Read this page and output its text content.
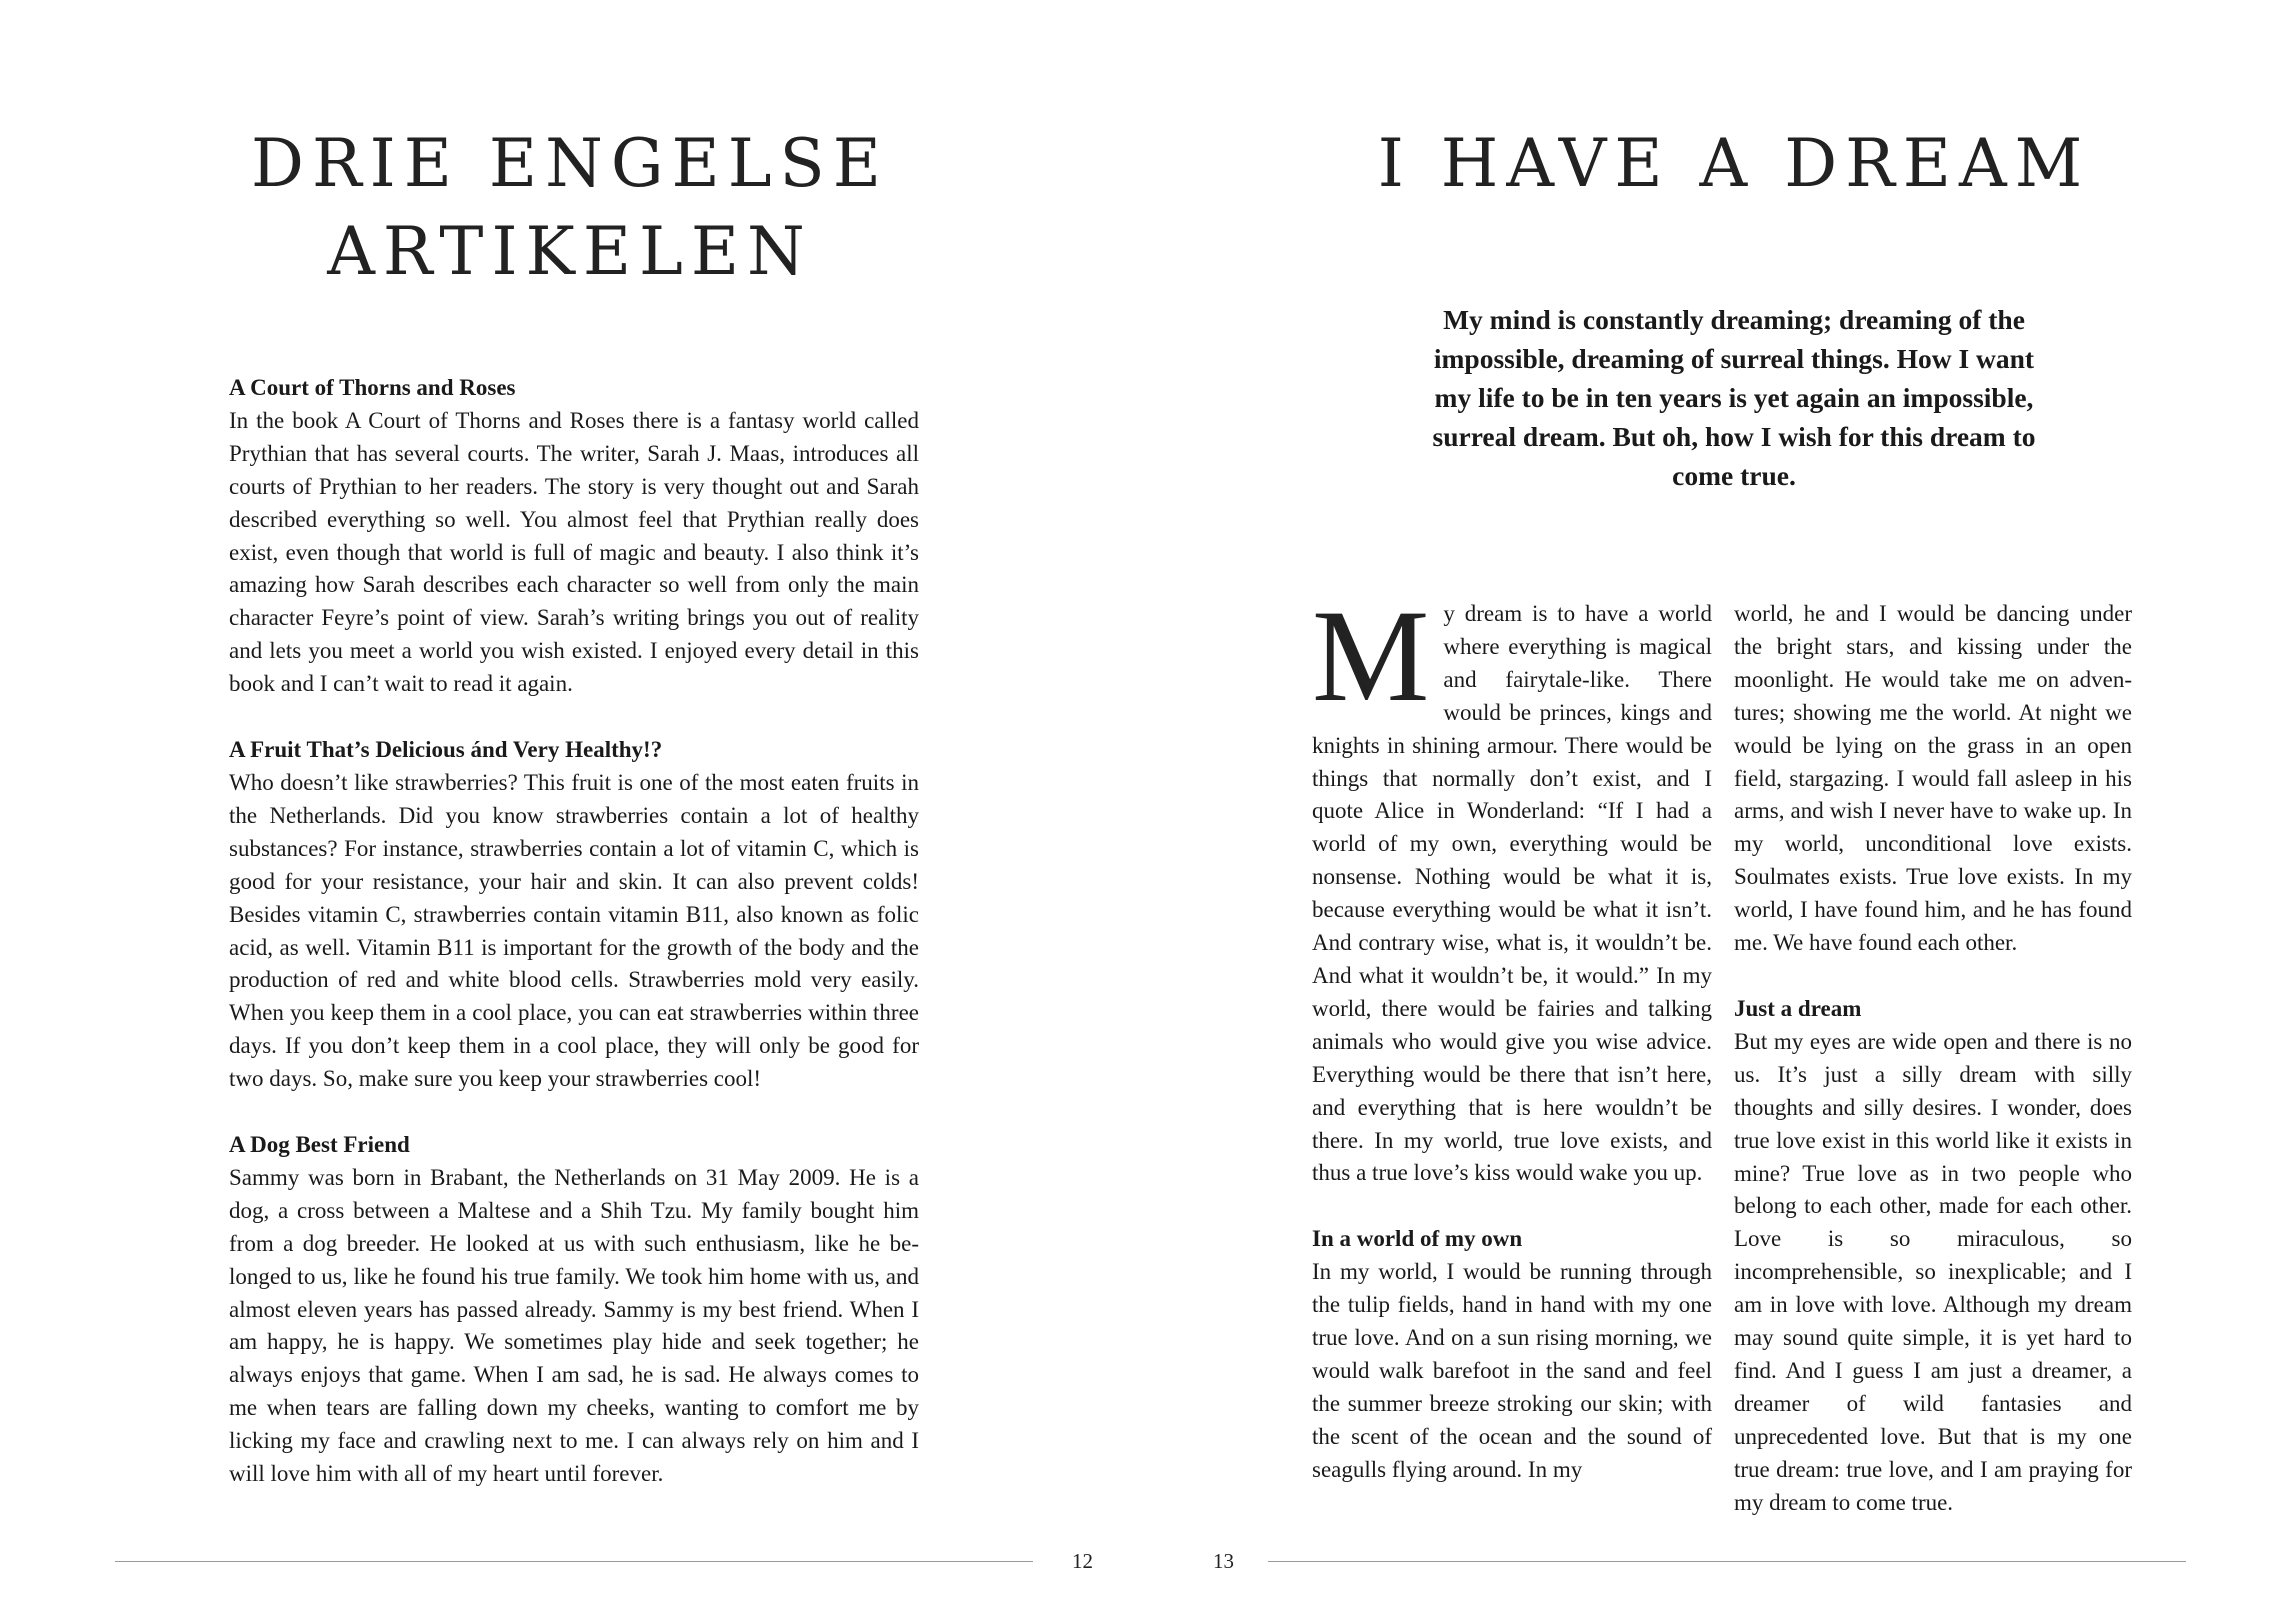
DRIE ENGELSE
ARTIKELEN
A Court of Thorns and Roses

In the book A Court of Thorns and Roses there is a fantasy world called Prythian that has several courts. The writer, Sarah J. Maas, introduces all courts of Prythian to her readers. The story is very thought out and Sarah described everything so well. You almost feel that Prythian really does exist, even though that world is full of magic and beauty. I also think it’s amazing how Sarah describes each character so well from only the main character Feyre’s point of view. Sarah’s writing brings you out of reality and lets you meet a world you wish existed. I enjoyed every detail in this book and I can’t wait to read it again.

A Fruit That’s Delicious ánd Very Healthy!?

Who doesn’t like strawberries? This fruit is one of the most eaten fruits in the Netherlands. Did you know strawberries contain a lot of healthy substances? For instance, strawberries contain a lot of vitamin C, which is good for your resistance, your hair and skin. It can also prevent colds! Besides vitamin C, strawberries contain vitamin B11, also known as folic acid, as well. Vitamin B11 is important for the growth of the body and the production of red and white blood cells. Strawberries mold very easily. When you keep them in a cool place, you can eat strawberries within three days. If you don’t keep them in a cool place, they will only be good for two days. So, make sure you keep your strawberries cool!

A Dog Best Friend

Sammy was born in Brabant, the Netherlands on 31 May 2009. He is a dog, a cross between a Maltese and a Shih Tzu. My family bought him from a dog breeder. He looked at us with such enthusiasm, like he belonged to us, like he found his true family. We took him home with us, and almost eleven years has passed already. Sammy is my best friend. When I am happy, he is happy. We sometimes play hide and seek together; he always enjoys that game. When I am sad, he is sad. He always comes to me when tears are falling down my cheeks, wanting to comfort me by licking my face and crawling next to me. I can always rely on him and I will love him with all of my heart until forever.

I HAVE A DREAM

My mind is constantly dreaming; dreaming of the impossible, dreaming of surreal things. How I want my life to be in ten years is yet again an impossible, surreal dream. But oh, how I wish for this dream to come true.

My dream is to have a world where everything is magical and fairytale-like. There would be princes, kings and knights in shining armour. There would be things that normally don’t exist, and I quote Alice in Wonderland: “If I had a world of my own, everything would be nonsense. Nothing would be what it is, because everything would be what it isn’t. And contrary wise, what is, it wouldn’t be. And what it wouldn’t be, it would.” In my world, there would be fairies and talking animals who would give you wise advice. Everything would be there that isn’t here, and everything that is here wouldn’t be there. In my world, true love exists, and thus a true love’s kiss would wake you up.

In a world of my own

In my world, I would be running through the tulip fields, hand in hand with my one true love. And on a sun rising morning, we would walk barefoot in the sand and feel the summer breeze stroking our skin; with the scent of the ocean and the sound of seagulls flying around. In my

world, he and I would be dancing under the bright stars, and kissing under the moonlight. He would take me on adventures; showing me the world. At night we would be lying on the grass in an open field, stargazing. I would fall asleep in his arms, and wish I never have to wake up. In my world, unconditional love exists. Soulmates exists. True love exists. In my world, I have found him, and he has found me. We have found each other.

Just a dream

But my eyes are wide open and there is no us. It’s just a silly dream with silly thoughts and silly desires. I wonder, does true love exist in this world like it exists in mine? True love as in two people who belong to each other, made for each other. Love is so miraculous, so incomprehensible, so inexplicable; and I am in love with love. Although my dream may sound quite simple, it is yet hard to find. And I guess I am just a dreamer, a dreamer of wild fantasies and unprecedented love. But that is my one true dream: true love, and I am praying for my dream to come true.

12	13
